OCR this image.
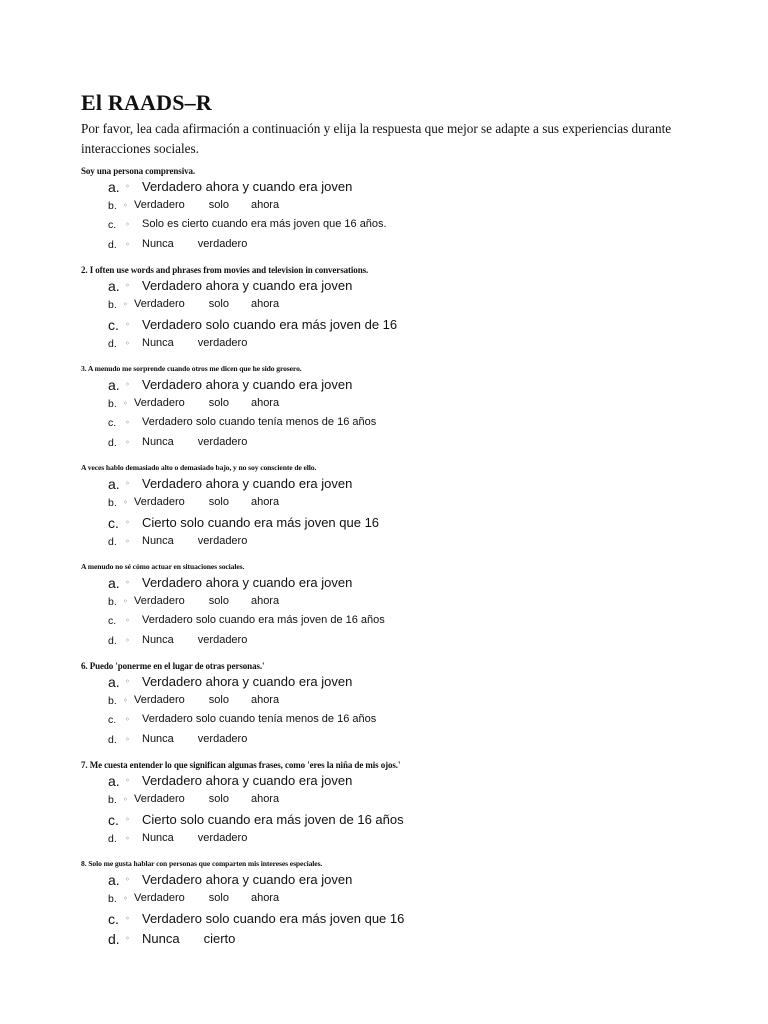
El RAADS–R

Por favor, lea cada afirmación a continuación y elija la respuesta que mejor se adapte a sus experiencias durante
interacciones sociales.

Soy una persona comprensiva.

a. ◦ Verdadero ahora y cuando era joven
b. ◦ Verdadero solo ahora
c. ◦ Solo es cierto cuando era más joven que 16 años.
d. ◦ Nunca verdadero

2. I often use words and phrases from movies and television in conversations.

a. ◦ Verdadero ahora y cuando era joven
b. ◦ Verdadero solo ahora
c. ◦ Verdadero solo cuando era más joven de 16
d. ◦ Nunca verdadero

3. A menudo me sorprende cuando otros me dicen que he sido grosero.

a. ◦ Verdadero ahora y cuando era joven
b. ◦ Verdadero solo ahora
c. ◦ Verdadero solo cuando tenía menos de 16 años
d. ◦ Nunca verdadero

A veces hablo demasiado alto o demasiado bajo, y no soy consciente de ello.

a. ◦ Verdadero ahora y cuando era joven
b. ◦ Verdadero solo ahora
c. ◦ Cierto solo cuando era más joven que 16
d. ◦ Nunca verdadero

A menudo no sé cómo actuar en situaciones sociales.

a. ◦ Verdadero ahora y cuando era joven
b. ◦ Verdadero solo ahora
c. ◦ Verdadero solo cuando era más joven de 16 años
d. ◦ Nunca verdadero

6. Puedo 'ponerme en el lugar de otras personas.'

a. ◦ Verdadero ahora y cuando era joven
b. ◦ Verdadero solo ahora
c. ◦ Verdadero solo cuando tenía menos de 16 años
d. ◦ Nunca verdadero

7. Me cuesta entender lo que significan algunas frases, como 'eres la niña de mis ojos.'

a. ◦ Verdadero ahora y cuando era joven
b. ◦ Verdadero solo ahora
c. ◦ Cierto solo cuando era más joven de 16 años
d. ◦ Nunca verdadero

8. Solo me gusta hablar con personas que comparten mis intereses especiales.

a. ◦ Verdadero ahora y cuando era joven
b. ◦ Verdadero solo ahora
c. ◦ Verdadero solo cuando era más joven que 16
d. ◦ Nunca cierto
